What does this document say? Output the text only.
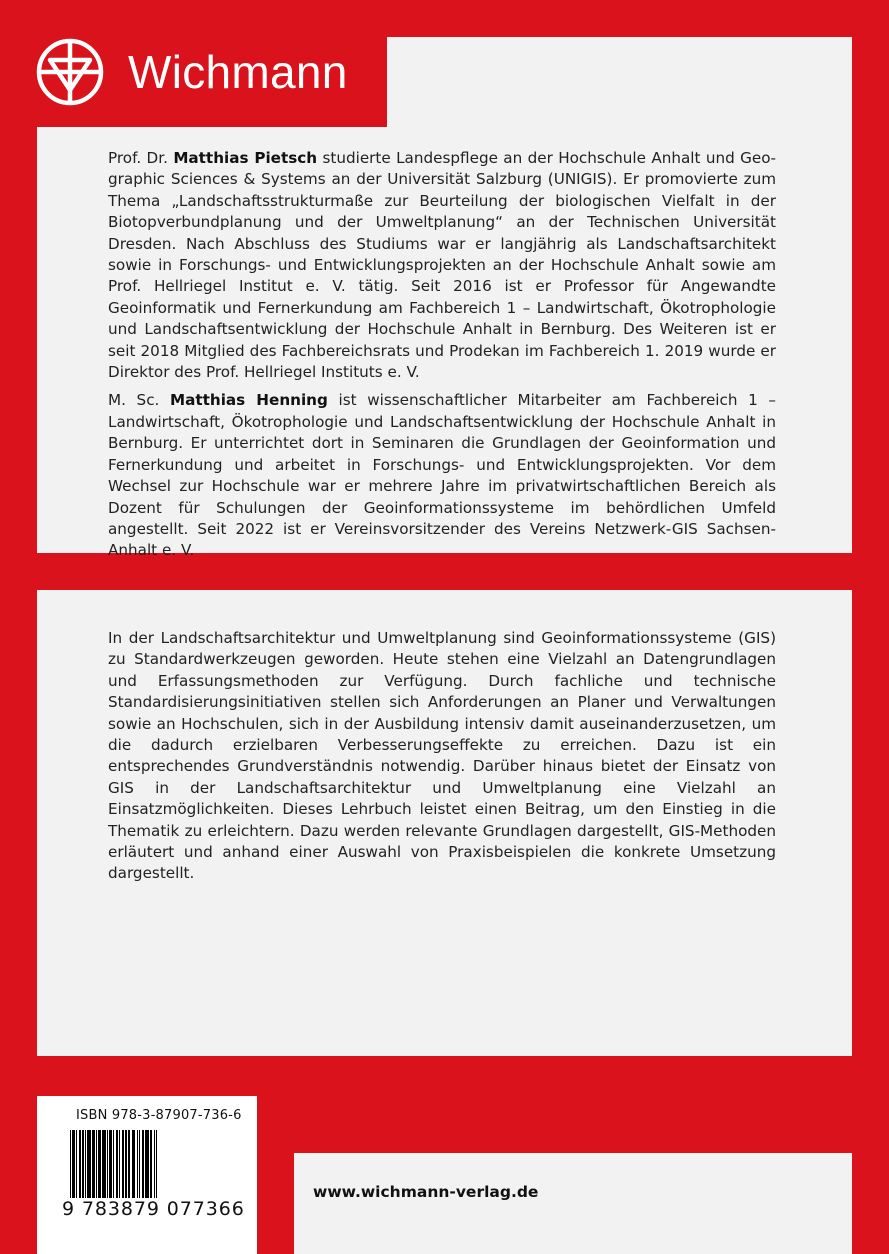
Wichmann

Prof. Dr. Matthias Pietsch studierte Landespflege an der Hochschule Anhalt und Geographic Sciences & Systems an der Universität Salzburg (UNIGIS). Er promovierte zum Thema „Landschaftsstrukturmaße zur Beurteilung der biologischen Vielfalt in der Biotopverbundplanung und der Umweltplanung“ an der Technischen Universität Dresden. Nach Abschluss des Studiums war er langjährig als Landschaftsarchitekt sowie in Forschungs- und Entwicklungsprojekten an der Hochschule Anhalt sowie am Prof. Hellriegel Institut e. V. tätig. Seit 2016 ist er Professor für Angewandte Geoinformatik und Fernerkundung am Fachbereich 1 – Landwirtschaft, Ökotrophologie und Landschaftsentwicklung der Hochschule Anhalt in Bernburg. Des Weiteren ist er seit 2018 Mitglied des Fachbereichsrats und Prodekan im Fachbereich 1. 2019 wurde er Direktor des Prof. Hellriegel Instituts e. V.

M. Sc. Matthias Henning ist wissenschaftlicher Mitarbeiter am Fachbereich 1 – Landwirtschaft, Ökotrophologie und Landschaftsentwicklung der Hochschule Anhalt in Bernburg. Er unterrichtet dort in Seminaren die Grundlagen der Geoinformation und Fernerkundung und arbeitet in Forschungs- und Entwicklungsprojekten. Vor dem Wechsel zur Hochschule war er mehrere Jahre im privatwirtschaftlichen Bereich als Dozent für Schulungen der Geoinformationssysteme im behördlichen Umfeld angestellt. Seit 2022 ist er Vereinsvorsitzender des Vereins Netzwerk-GIS Sachsen-Anhalt e. V.

In der Landschaftsarchitektur und Umweltplanung sind Geoinformationssysteme (GIS) zu Standardwerkzeugen geworden. Heute stehen eine Vielzahl an Datengrundlagen und Erfassungsmethoden zur Verfügung. Durch fachliche und technische Standardisierungsinitiativen stellen sich Anforderungen an Planer und Verwaltungen sowie an Hochschulen, sich in der Ausbildung intensiv damit auseinanderzusetzen, um die dadurch erzielbaren Verbesserungseffekte zu erreichen. Dazu ist ein entsprechendes Grundverständnis notwendig. Darüber hinaus bietet der Einsatz von GIS in der Landschaftsarchitektur und Umweltplanung eine Vielzahl an Einsatzmöglichkeiten. Dieses Lehrbuch leistet einen Beitrag, um den Einstieg in die Thematik zu erleichtern. Dazu werden relevante Grundlagen dargestellt, GIS-Methoden erläutert und anhand einer Auswahl von Praxisbeispielen die konkrete Umsetzung dargestellt.

ISBN 978-3-87907-736-6
9 783879 077366
www.wichmann-verlag.de
